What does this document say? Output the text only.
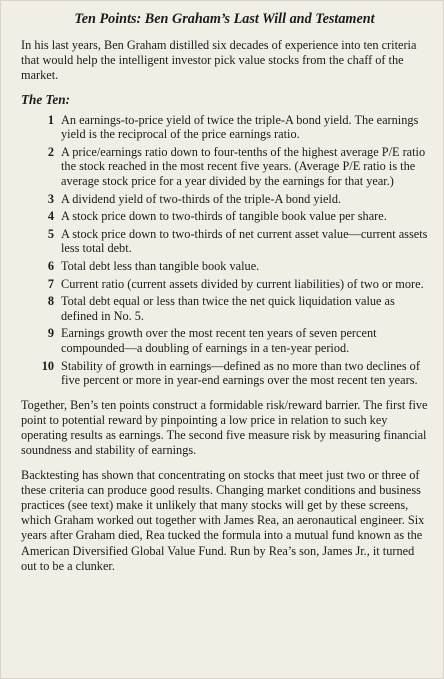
Ten Points: Ben Graham’s Last Will and Testament

In his last years, Ben Graham distilled six decades of experience into ten criteria that would help the intelligent investor pick value stocks from the chaff of the market.

The Ten:
1 An earnings-to-price yield of twice the triple-A bond yield. The earnings yield is the reciprocal of the price earnings ratio.
2 A price/earnings ratio down to four-tenths of the highest average P/E ratio the stock reached in the most recent five years. (Average P/E ratio is the average stock price for a year divided by the earnings for that year.)
3 A dividend yield of two-thirds of the triple-A bond yield.
4 A stock price down to two-thirds of tangible book value per share.
5 A stock price down to two-thirds of net current asset value—current assets less total debt.
6 Total debt less than tangible book value.
7 Current ratio (current assets divided by current liabilities) of two or more.
8 Total debt equal or less than twice the net quick liquidation value as defined in No. 5.
9 Earnings growth over the most recent ten years of seven percent compounded—a doubling of earnings in a ten-year period.
10 Stability of growth in earnings—defined as no more than two declines of five percent or more in year-end earnings over the most recent ten years.

Together, Ben’s ten points construct a formidable risk/reward barrier. The first five point to potential reward by pinpointing a low price in relation to such key operating results as earnings. The second five measure risk by measuring financial soundness and stability of earnings.

Backtesting has shown that concentrating on stocks that meet just two or three of these criteria can produce good results. Changing market conditions and business practices (see text) make it unlikely that many stocks will get by these screens, which Graham worked out together with James Rea, an aeronautical engineer. Six years after Graham died, Rea tucked the formula into a mutual fund known as the American Diversified Global Value Fund. Run by Rea’s son, James Jr., it turned out to be a clunker.
